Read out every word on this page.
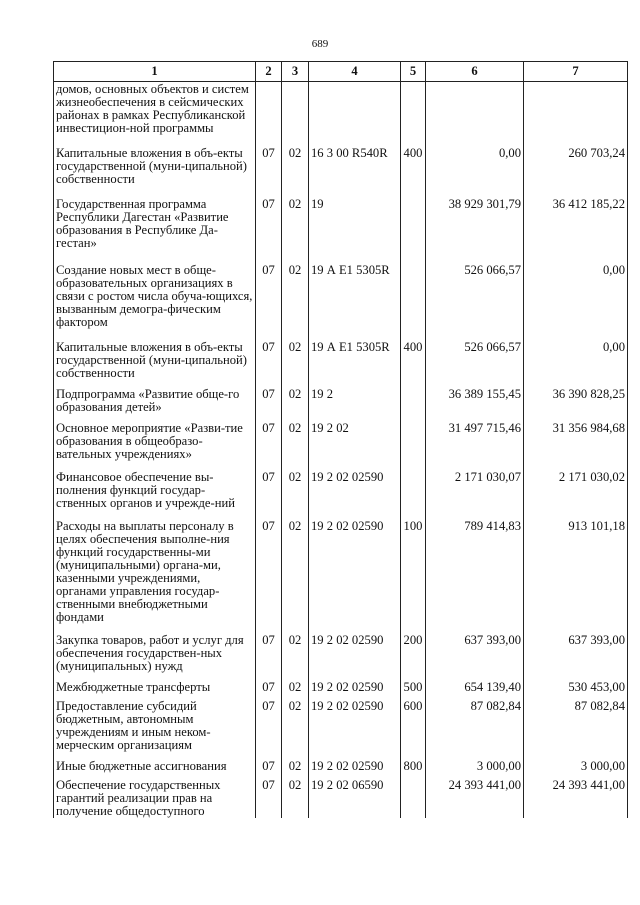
689
1	2	3	4	5	6	7
домов, основных объектов и систем жизнеобеспечения в сейсмических районах в рамках Республиканской инвестицион-ной программы						
Капитальные вложения в объ-екты государственной (муни-ципальной) собственности	07	02	16 3 00 R540R	400	0,00	260 703,24
Государственная программа Республики Дагестан «Развитие образования в Республике Да-гестан»	07	02	19		38 929 301,79	36 412 185,22
Создание новых мест в обще-образовательных организациях в связи с ростом числа обуча-ющихся, вызванным демогра-фическим фактором	07	02	19 А Е1 5305R		526 066,57	0,00
Капитальные вложения в объ-екты государственной (муни-ципальной) собственности	07	02	19 А Е1 5305R	400	526 066,57	0,00
Подпрограмма «Развитие обще-го образования детей»	07	02	19 2		36 389 155,45	36 390 828,25
Основное мероприятие «Разви-тие образования в общеобразо-вательных учреждениях»	07	02	19 2 02		31 497 715,46	31 356 984,68
Финансовое обеспечение вы-полнения функций государ-ственных органов и учрежде-ний	07	02	19 2 02 02590		2 171 030,07	2 171 030,02
Расходы на выплаты персоналу в целях обеспечения выполне-ния функций государственны-ми (муниципальными) органа-ми, казенными учреждениями, органами управления государ-ственными внебюджетными фондами	07	02	19 2 02 02590	100	789 414,83	913 101,18
Закупка товаров, работ и услуг для обеспечения государствен-ных (муниципальных) нужд	07	02	19 2 02 02590	200	637 393,00	637 393,00
Межбюджетные трансферты	07	02	19 2 02 02590	500	654 139,40	530 453,00
Предоставление субсидий бюджетным, автономным учреждениям и иным неком-мерческим организациям	07	02	19 2 02 02590	600	87 082,84	87 082,84
Иные бюджетные ассигнования	07	02	19 2 02 02590	800	3 000,00	3 000,00
Обеспечение государственных гарантий реализации прав на получение общедоступного	07	02	19 2 02 06590		24 393 441,00	24 393 441,00
